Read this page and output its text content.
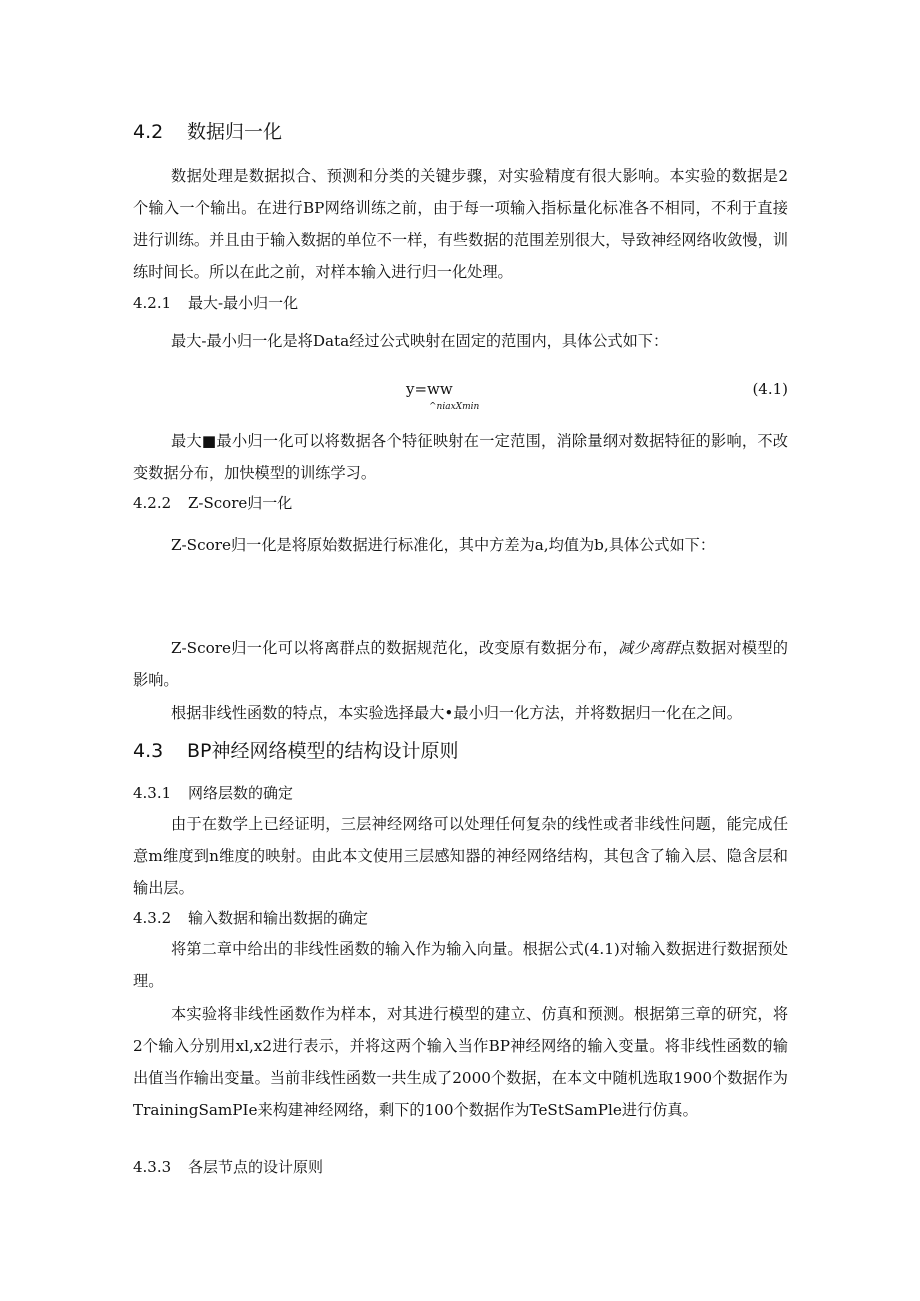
4.2 数据归一化
数据处理是数据拟合、预测和分类的关键步骤，对实验精度有很大影响。本实验的数据是2个输入一个输出。在进行BP网络训练之前，由于每一项输入指标量化标准各不相同，不利于直接进行训练。并且由于输入数据的单位不一样，有些数据的范围差别很大，导致神经网络收敛慢，训练时间长。所以在此之前，对样本输入进行归一化处理。
4.2.1 最大-最小归一化
最大-最小归一化是将Data经过公式映射在固定的范围内，具体公式如下：
y=ww
^niaxXmin
(4.1)
最大■最小归一化可以将数据各个特征映射在一定范围，消除量纲对数据特征的影响，不改变数据分布，加快模型的训练学习。
4.2.2 Z-Score归一化
Z-Score归一化是将原始数据进行标准化，其中方差为a,均值为b,具体公式如下：
Z-Score归一化可以将离群点的数据规范化，改变原有数据分布，减少离群点数据对模型的影响。
根据非线性函数的特点，本实验选择最大•最小归一化方法，并将数据归一化在之间。
4.3 BP神经网络模型的结构设计原则
4.3.1 网络层数的确定
由于在数学上已经证明，三层神经网络可以处理任何复杂的线性或者非线性问题，能完成任意m维度到n维度的映射。由此本文使用三层感知器的神经网络结构，其包含了输入层、隐含层和输出层。
4.3.2 输入数据和输出数据的确定
将第二章中给出的非线性函数的输入作为输入向量。根据公式(4.1)对输入数据进行数据预处理。
本实验将非线性函数作为样本，对其进行模型的建立、仿真和预测。根据第三章的研究，将2个输入分别用xl,x2进行表示，并将这两个输入当作BP神经网络的输入变量。将非线性函数的输出值当作输出变量。当前非线性函数一共生成了2000个数据，在本文中随机选取1900个数据作为TrainingSamPIe来构建神经网络，剩下的100个数据作为TeStSamPle进行仿真。
4.3.3 各层节点的设计原则
